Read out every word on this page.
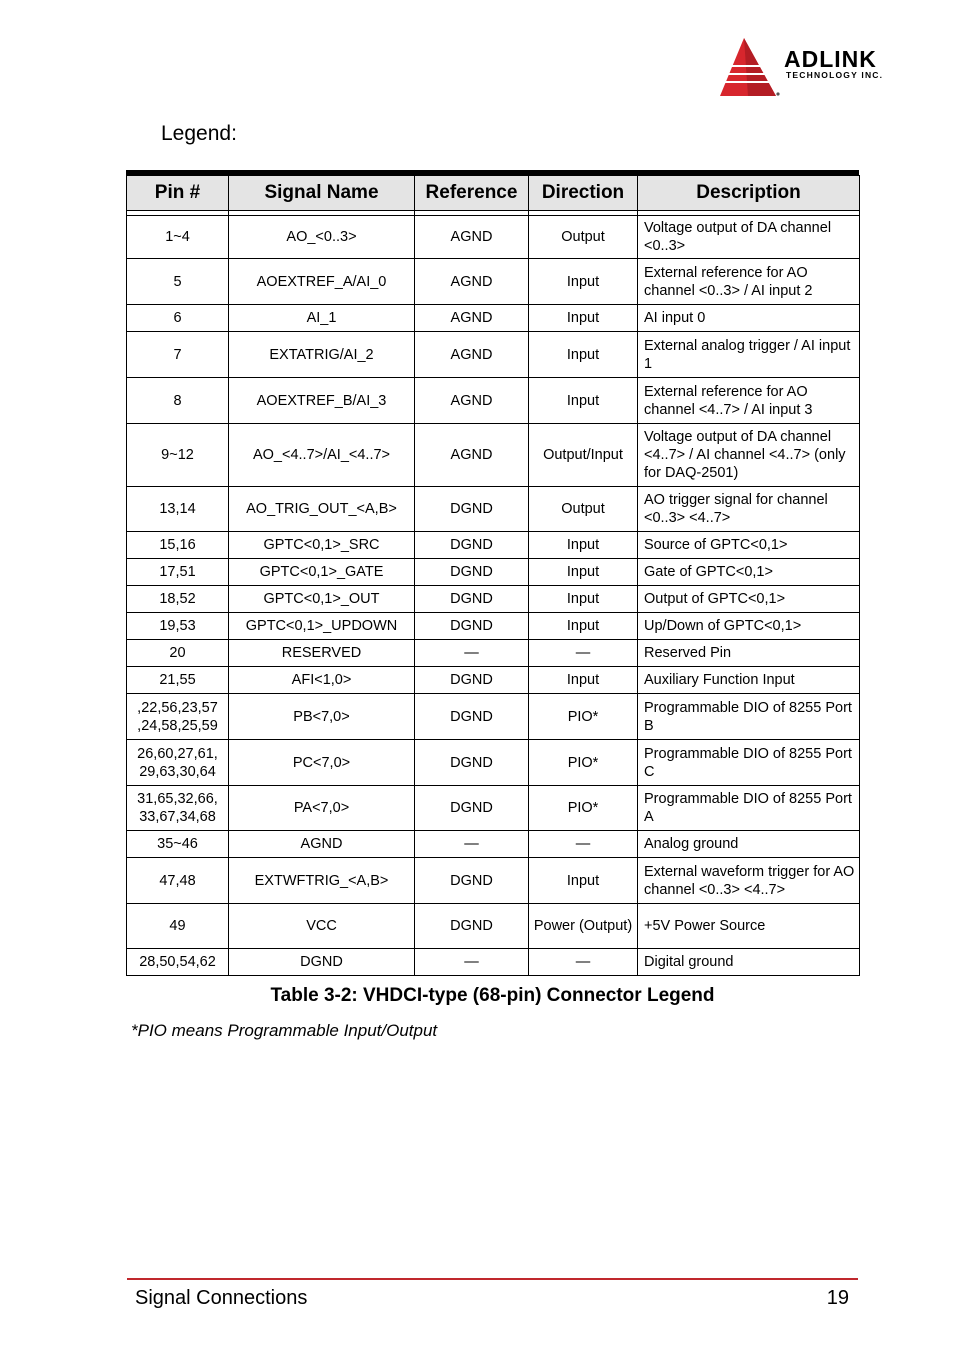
ADLINK
TECHNOLOGY INC.
Legend:
Pin #	Signal Name	Reference	Direction	Description

1~4	AO_<0..3>	AGND	Output	Voltage output of DA channel <0..3>
5	AOEXTREF_A/AI_0	AGND	Input	External reference for AO channel <0..3> / AI input 2
6	AI_1	AGND	Input	AI input 0
7	EXTATRIG/AI_2	AGND	Input	External analog trigger / AI input 1
8	AOEXTREF_B/AI_3	AGND	Input	External reference for AO channel <4..7> / AI input 3
9~12	AO_<4..7>/AI_<4..7>	AGND	Output/Input	Voltage output of DA channel <4..7> / AI channel <4..7> (only for DAQ-2501)
13,14	AO_TRIG_OUT_<A,B>	DGND	Output	AO trigger signal for channel <0..3> <4..7>
15,16	GPTC<0,1>_SRC	DGND	Input	Source of GPTC<0,1>
17,51	GPTC<0,1>_GATE	DGND	Input	Gate of GPTC<0,1>
18,52	GPTC<0,1>_OUT	DGND	Input	Output of GPTC<0,1>
19,53	GPTC<0,1>_UPDOWN	DGND	Input	Up/Down of GPTC<0,1>
20	RESERVED	—	—	Reserved Pin
21,55	AFI<1,0>	DGND	Input	Auxiliary Function Input
,22,56,23,57 ,24,58,25,59	PB<7,0>	DGND	PIO*	Programmable DIO of 8255 Port B
26,60,27,61, 29,63,30,64	PC<7,0>	DGND	PIO*	Programmable DIO of 8255 Port C
31,65,32,66, 33,67,34,68	PA<7,0>	DGND	PIO*	Programmable DIO of 8255 Port A
35~46	AGND	—	—	Analog ground
47,48	EXTWFTRIG_<A,B>	DGND	Input	External waveform trigger for AO channel <0..3> <4..7>
49	VCC	DGND	Power (Output)	+5V Power Source
28,50,54,62	DGND	—	—	Digital ground
Table 3-2: VHDCI-type (68-pin) Connector Legend
*PIO means Programmable Input/Output
Signal Connections	19
